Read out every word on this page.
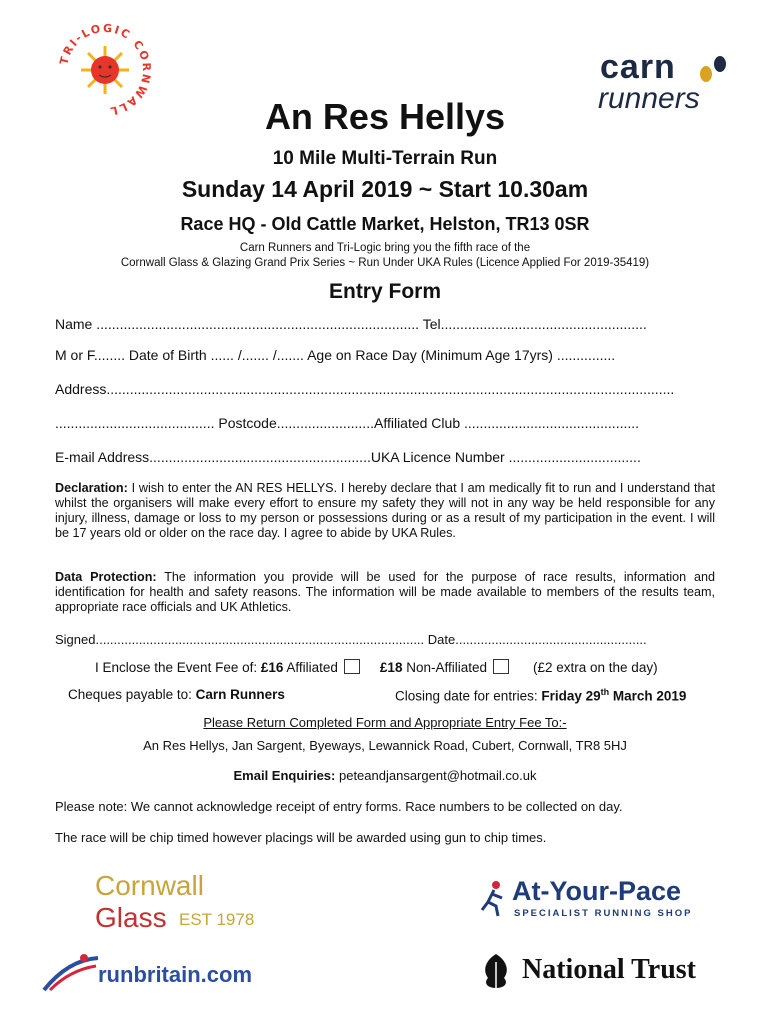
TRI-LOGIC CORNWALL
carn
runners
An Res Hellys
10 Mile Multi-Terrain Run
Sunday 14 April 2019 ~ Start 10.30am
Race HQ - Old Cattle Market, Helston, TR13 0SR
Carn Runners and Tri-Logic bring you the fifth race of the
Cornwall Glass & Glazing Grand Prix Series ~ Run Under UKA Rules (Licence Applied For 2019-35419)
Entry Form
Name ................................................................................... Tel.....................................................
M or F........ Date of Birth ...... /....... /....... Age on Race Day (Minimum Age 17yrs) ...............
Address..................................................................................................................................................
......................................... Postcode.........................Affiliated Club .............................................
E-mail Address.........................................................UKA Licence Number ..................................
Declaration: I wish to enter the AN RES HELLYS. I hereby declare that I am medically fit to run and I understand that whilst the organisers will make every effort to ensure my safety they will not in any way be held responsible for any injury, illness, damage or loss to my person or possessions during or as a result of my participation in the event. I will be 17 years old or older on the race day. I agree to abide by UKA Rules.
Data Protection: The information you provide will be used for the purpose of race results, information and identification for health and safety reasons. The information will be made available to members of the results team, appropriate race officials and UK Athletics.
Signed........................................................................................... Date.....................................................
I Enclose the Event Fee of: £16 Affiliated	£18 Non-Affiliated	(£2 extra on the day)
Cheques payable to: Carn Runners	Closing date for entries: Friday 29th March 2019
Please Return Completed Form and Appropriate Entry Fee To:-
An Res Hellys, Jan Sargent, Byeways, Lewannick Road, Cubert, Cornwall, TR8 5HJ
Email Enquiries: peteandjansargent@hotmail.co.uk
Please note: We cannot acknowledge receipt of entry forms. Race numbers to be collected on day.
The race will be chip timed however placings will be awarded using gun to chip times.
Cornwall
Glass EST 1978
At-Your-Pace
SPECIALIST RUNNING SHOP
runbritain.com	National Trust
